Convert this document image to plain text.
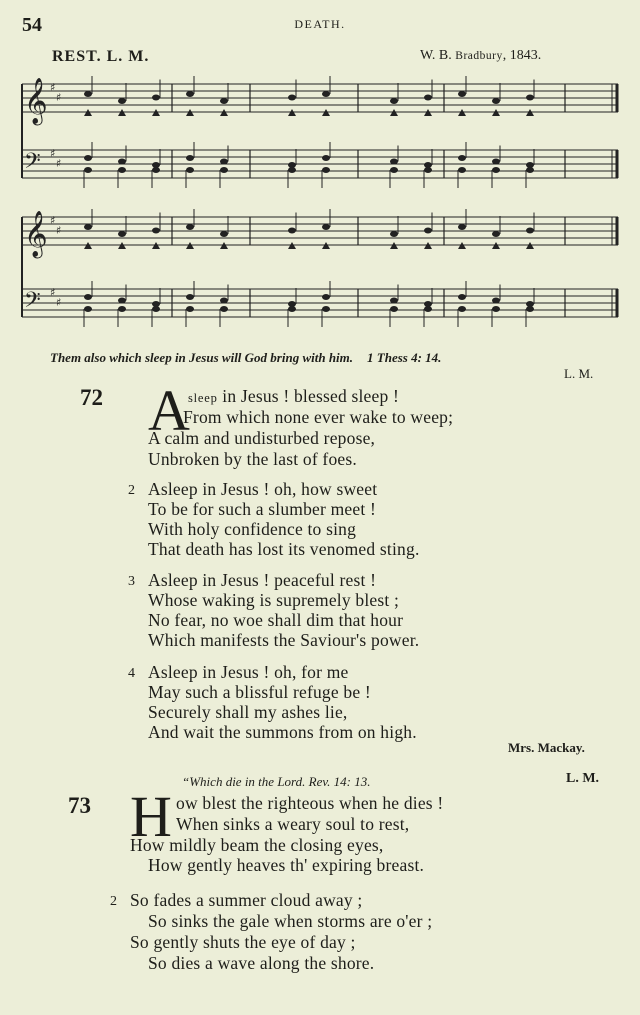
54	DEATH.
REST. L. M.	W. B. Bradbury, 1843.
𝄞 ♯
♯
𝄢 ♯
♯
𝄞 ♯
♯
𝄢 ♯
♯
Them also which sleep in Jesus will God bring with him. 1 Thess 4: 14.
L. M.
72 A
sleep in Jesus ! blessed sleep !
From which none ever wake to weep;
A calm and undisturbed repose,
Unbroken by the last of foes.
2 Asleep in Jesus ! oh, how sweet
To be for such a slumber meet !
With holy confidence to sing
That death has lost its venomed sting.
3 Asleep in Jesus ! peaceful rest !
Whose waking is supremely blest ;
No fear, no woe shall dim that hour
Which manifests the Saviour's power.
4 Asleep in Jesus ! oh, for me
May such a blissful refuge be !
Securely shall my ashes lie,
And wait the summons from on high.
Mrs. Mackay.
“Which die in the Lord. Rev. 14: 13.	L. M.
73 H ow blest the righteous when he dies !
When sinks a weary soul to rest,
How mildly beam the closing eyes,
How gently heaves th' expiring breast.
2 So fades a summer cloud away ;
So sinks the gale when storms are o'er ;
So gently shuts the eye of day ;
So dies a wave along the shore.
